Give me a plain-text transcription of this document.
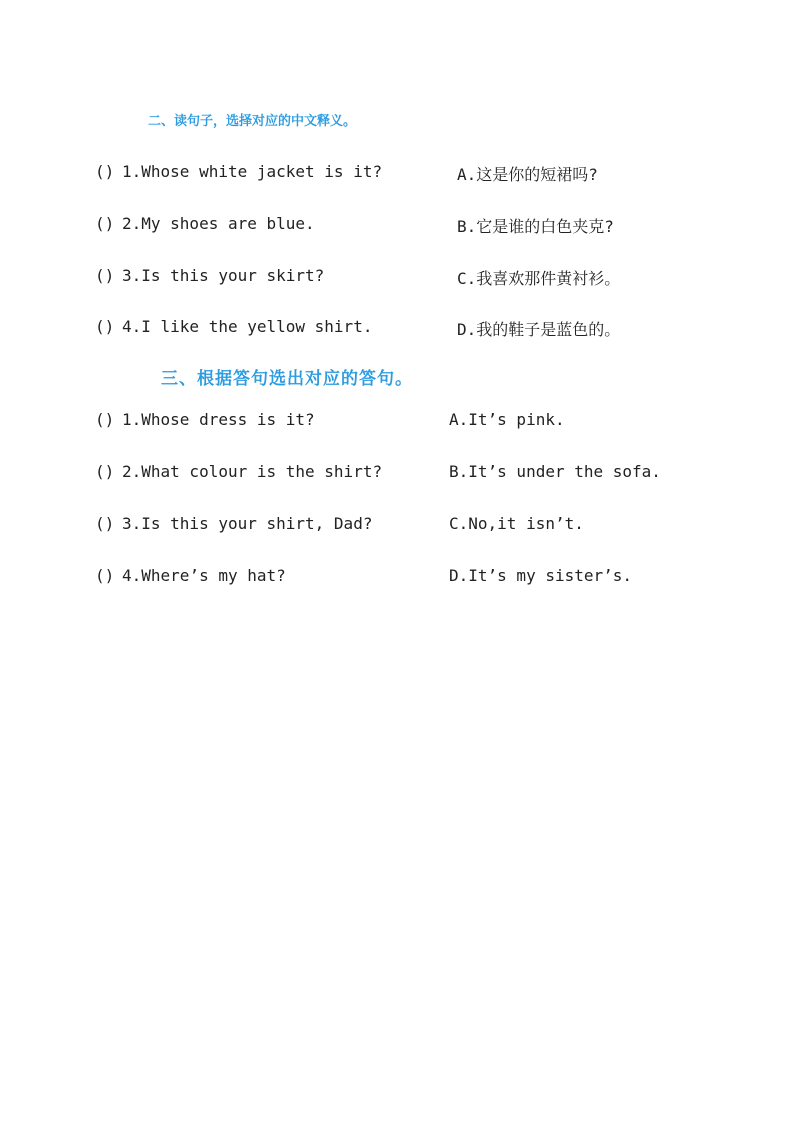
二、读句子，选择对应的中文释义。
() 1.Whose white jacket is it?	A.这是你的短裙吗?
() 2.My shoes are blue.	B.它是谁的白色夹克?
() 3.Is this your skirt?	C.我喜欢那件黄衬衫。
() 4.I like the yellow shirt.	D.我的鞋子是蓝色的。
三、根据答句选出对应的答句。
() 1.Whose dress is it?	A.It’s pink.
() 2.What colour is the shirt?	B.It’s under the sofa.
() 3.Is this your shirt, Dad?	C.No,it isn’t.
() 4.Where’s my hat?	D.It’s my sister’s.
